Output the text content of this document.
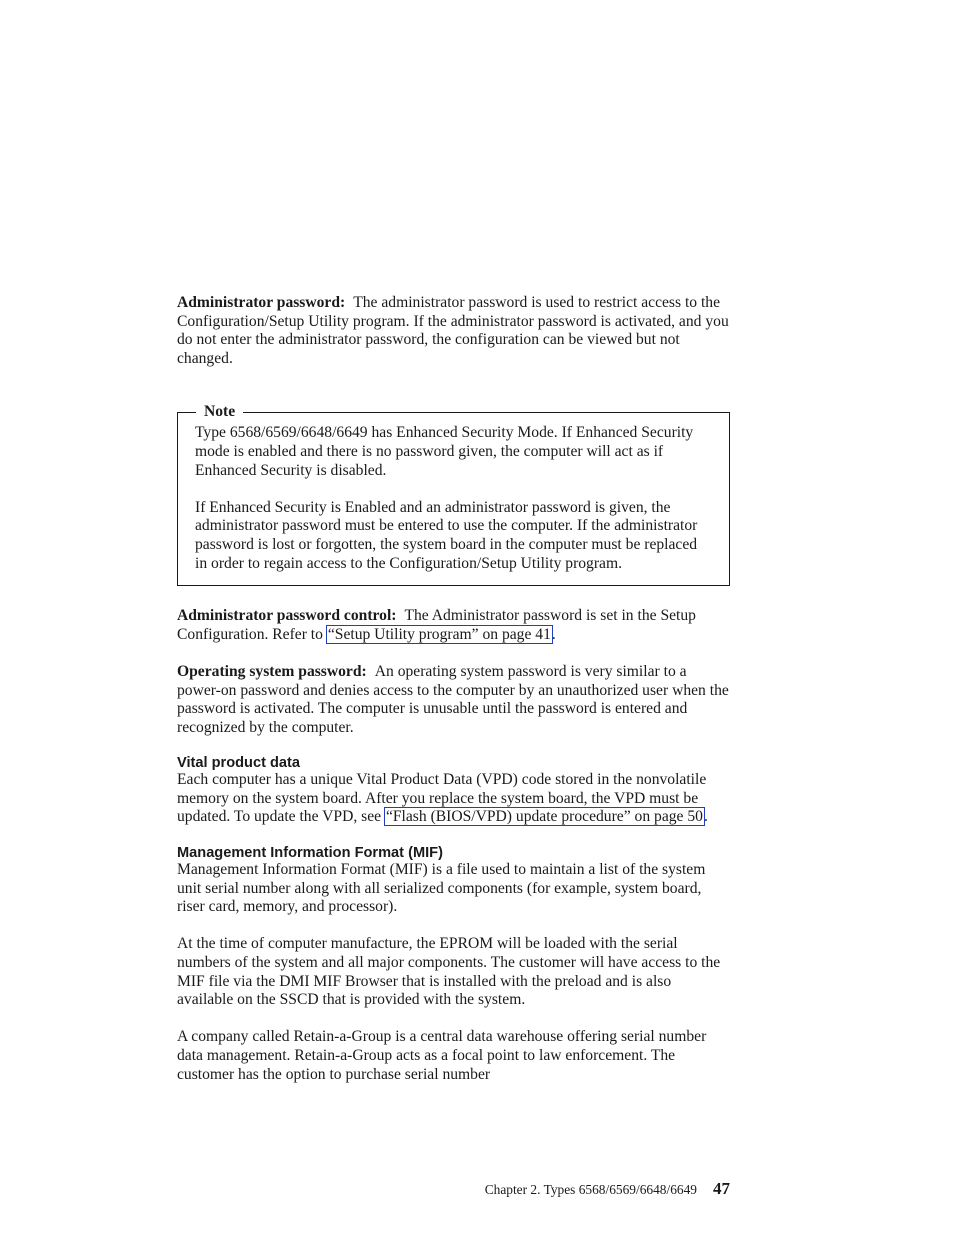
Administrator password: The administrator password is used to restrict access to the Configuration/Setup Utility program. If the administrator password is activated, and you do not enter the administrator password, the configuration can be viewed but not changed.

Note

Type 6568/6569/6648/6649 has Enhanced Security Mode. If Enhanced Security mode is enabled and there is no password given, the computer will act as if Enhanced Security is disabled.

If Enhanced Security is Enabled and an administrator password is given, the administrator password must be entered to use the computer. If the administrator password is lost or forgotten, the system board in the computer must be replaced in order to regain access to the Configuration/Setup Utility program.

Administrator password control: The Administrator password is set in the Setup Configuration. Refer to “Setup Utility program” on page 41.

Operating system password: An operating system password is very similar to a power-on password and denies access to the computer by an unauthorized user when the password is activated. The computer is unusable until the password is entered and recognized by the computer.

Vital product data

Each computer has a unique Vital Product Data (VPD) code stored in the nonvolatile memory on the system board. After you replace the system board, the VPD must be updated. To update the VPD, see “Flash (BIOS/VPD) update procedure” on page 50.

Management Information Format (MIF)

Management Information Format (MIF) is a file used to maintain a list of the system unit serial number along with all serialized components (for example, system board, riser card, memory, and processor).

At the time of computer manufacture, the EPROM will be loaded with the serial numbers of the system and all major components. The customer will have access to the MIF file via the DMI MIF Browser that is installed with the preload and is also available on the SSCD that is provided with the system.

A company called Retain-a-Group is a central data warehouse offering serial number data management. Retain-a-Group acts as a focal point to law enforcement. The customer has the option to purchase serial number

Chapter 2. Types 6568/6569/6648/6649 47
